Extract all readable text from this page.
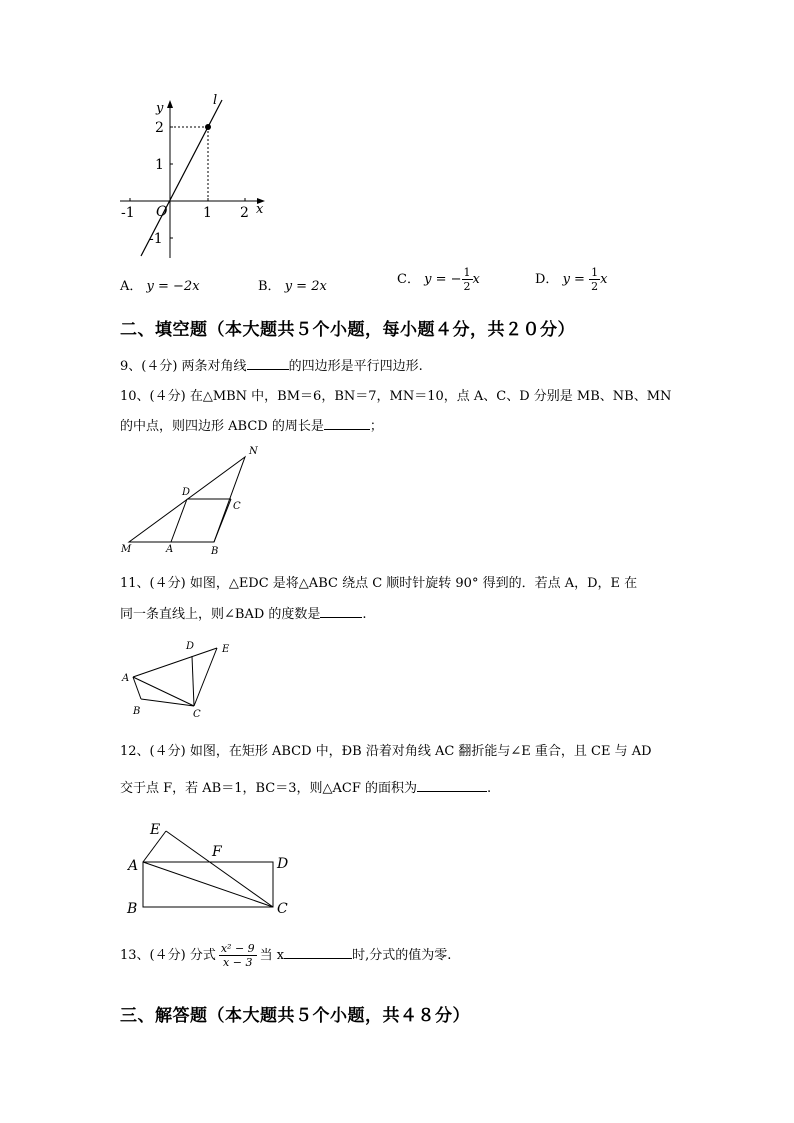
y
l
x
O
2
1
-1
-1	1 2
A． y = −2x	B． y = 2x	C． y = − $\frac{1}{2}$ x	D． $y = \frac{1}{2}$ x
二、填空题（本大题共５个小题，每小题４分，共２０分）
9、(４分) 两条对角线	的四边形是平行四边形.
10、(４分) 在△MBN 中，BM＝6，BN＝7，MN＝10，点 A、C、D 分别是 MB、NB、MN
的中点，则四边形 ABCD 的周长是	；
N
D
C
M	A	B
11、(４分) 如图，△EDC 是将△ABC 绕点 C 顺时针旋转 90° 得到的．若点 A，D，E 在
同一条直线上，则∠BAD 的度数是	.
D	E
A
B	C
12、(４分) 如图，在矩形 ABCD 中，ÐB 沿着对角线 AC 翻折能与∠E 重合，且 CE 与 AD
交于点 F，若 AB＝1，BC＝3，则△ACF 的面积为	.
E
F
D
A
B	C
13、(４分) 分式 $\frac{\text{x² − 9}}{x - 3}$ 当 x	时,分式的值为零.
三、解答题（本大题共５个小题，共４８分）
